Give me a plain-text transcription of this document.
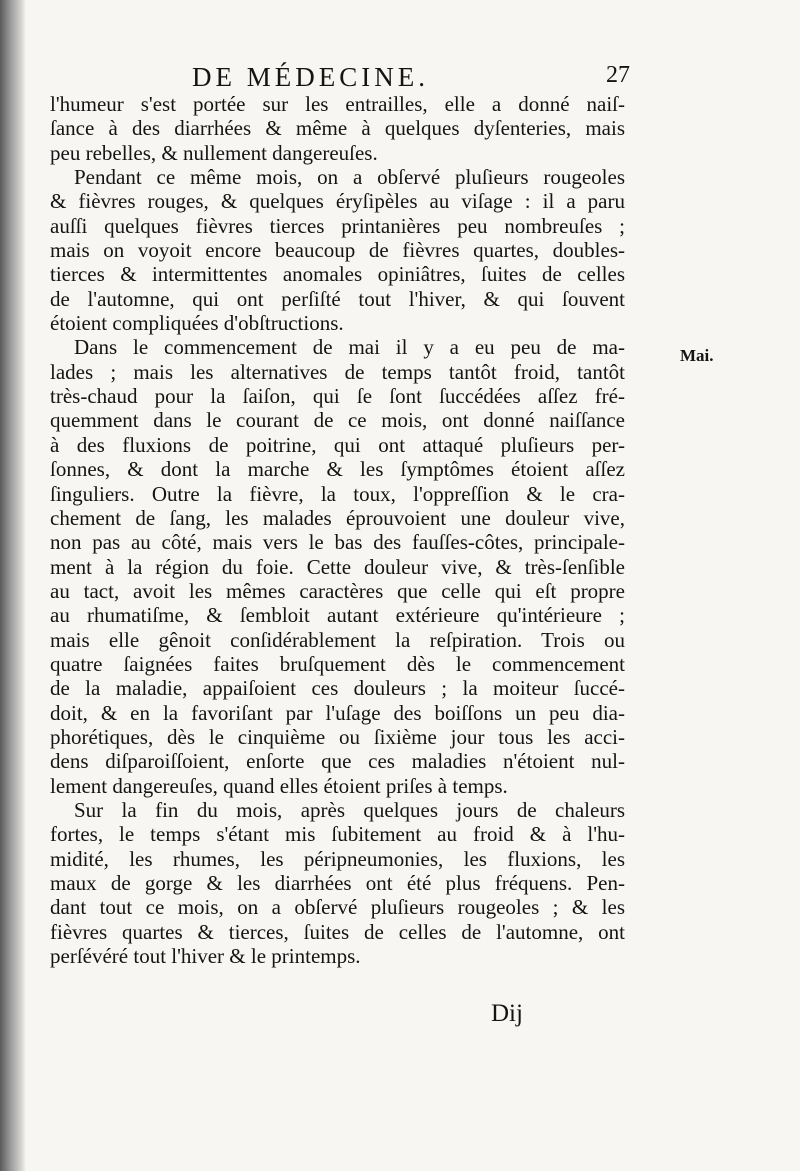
DE MÉDECINE.	27
Mai.
l'humeur s'est portée sur les entrailles, elle a donné naiſ-
ſance à des diarrhées & même à quelques dyſenteries, mais
peu rebelles, & nullement dangereuſes.
Pendant ce même mois, on a obſervé pluſieurs rougeoles
& fièvres rouges, & quelques éryſipèles au viſage : il a paru
auſſi quelques fièvres tierces printanières peu nombreuſes ;
mais on voyoit encore beaucoup de fièvres quartes, doubles-
tierces & intermittentes anomales opiniâtres, ſuites de celles
de l'automne, qui ont perſiſté tout l'hiver, & qui ſouvent
étoient compliquées d'obſtructions.
Dans le commencement de mai il y a eu peu de ma-
lades ; mais les alternatives de temps tantôt froid, tantôt
très-chaud pour la ſaiſon, qui ſe ſont ſuccédées aſſez fré-
quemment dans le courant de ce mois, ont donné naiſſance
à des fluxions de poitrine, qui ont attaqué pluſieurs per-
ſonnes, & dont la marche & les ſymptômes étoient aſſez
ſinguliers. Outre la fièvre, la toux, l'oppreſſion & le cra-
chement de ſang, les malades éprouvoient une douleur vive,
non pas au côté, mais vers le bas des fauſſes-côtes, principale-
ment à la région du foie. Cette douleur vive, & très-ſenſible
au tact, avoit les mêmes caractères que celle qui eſt propre
au rhumatiſme, & ſembloit autant extérieure qu'intérieure ;
mais elle gênoit conſidérablement la reſpiration. Trois ou
quatre ſaignées faites bruſquement dès le commencement
de la maladie, appaiſoient ces douleurs ; la moiteur ſuccé-
doit, & en la favoriſant par l'uſage des boiſſons un peu dia-
phorétiques, dès le cinquième ou ſixième jour tous les acci-
dens diſparoiſſoient, enſorte que ces maladies n'étoient nul-
lement dangereuſes, quand elles étoient priſes à temps.
Sur la fin du mois, après quelques jours de chaleurs
fortes, le temps s'étant mis ſubitement au froid & à l'hu-
midité, les rhumes, les péripneumonies, les fluxions, les
maux de gorge & les diarrhées ont été plus fréquens. Pen-
dant tout ce mois, on a obſervé pluſieurs rougeoles ; & les
fièvres quartes & tierces, ſuites de celles de l'automne, ont
perſévéré tout l'hiver & le printemps.
Dij
